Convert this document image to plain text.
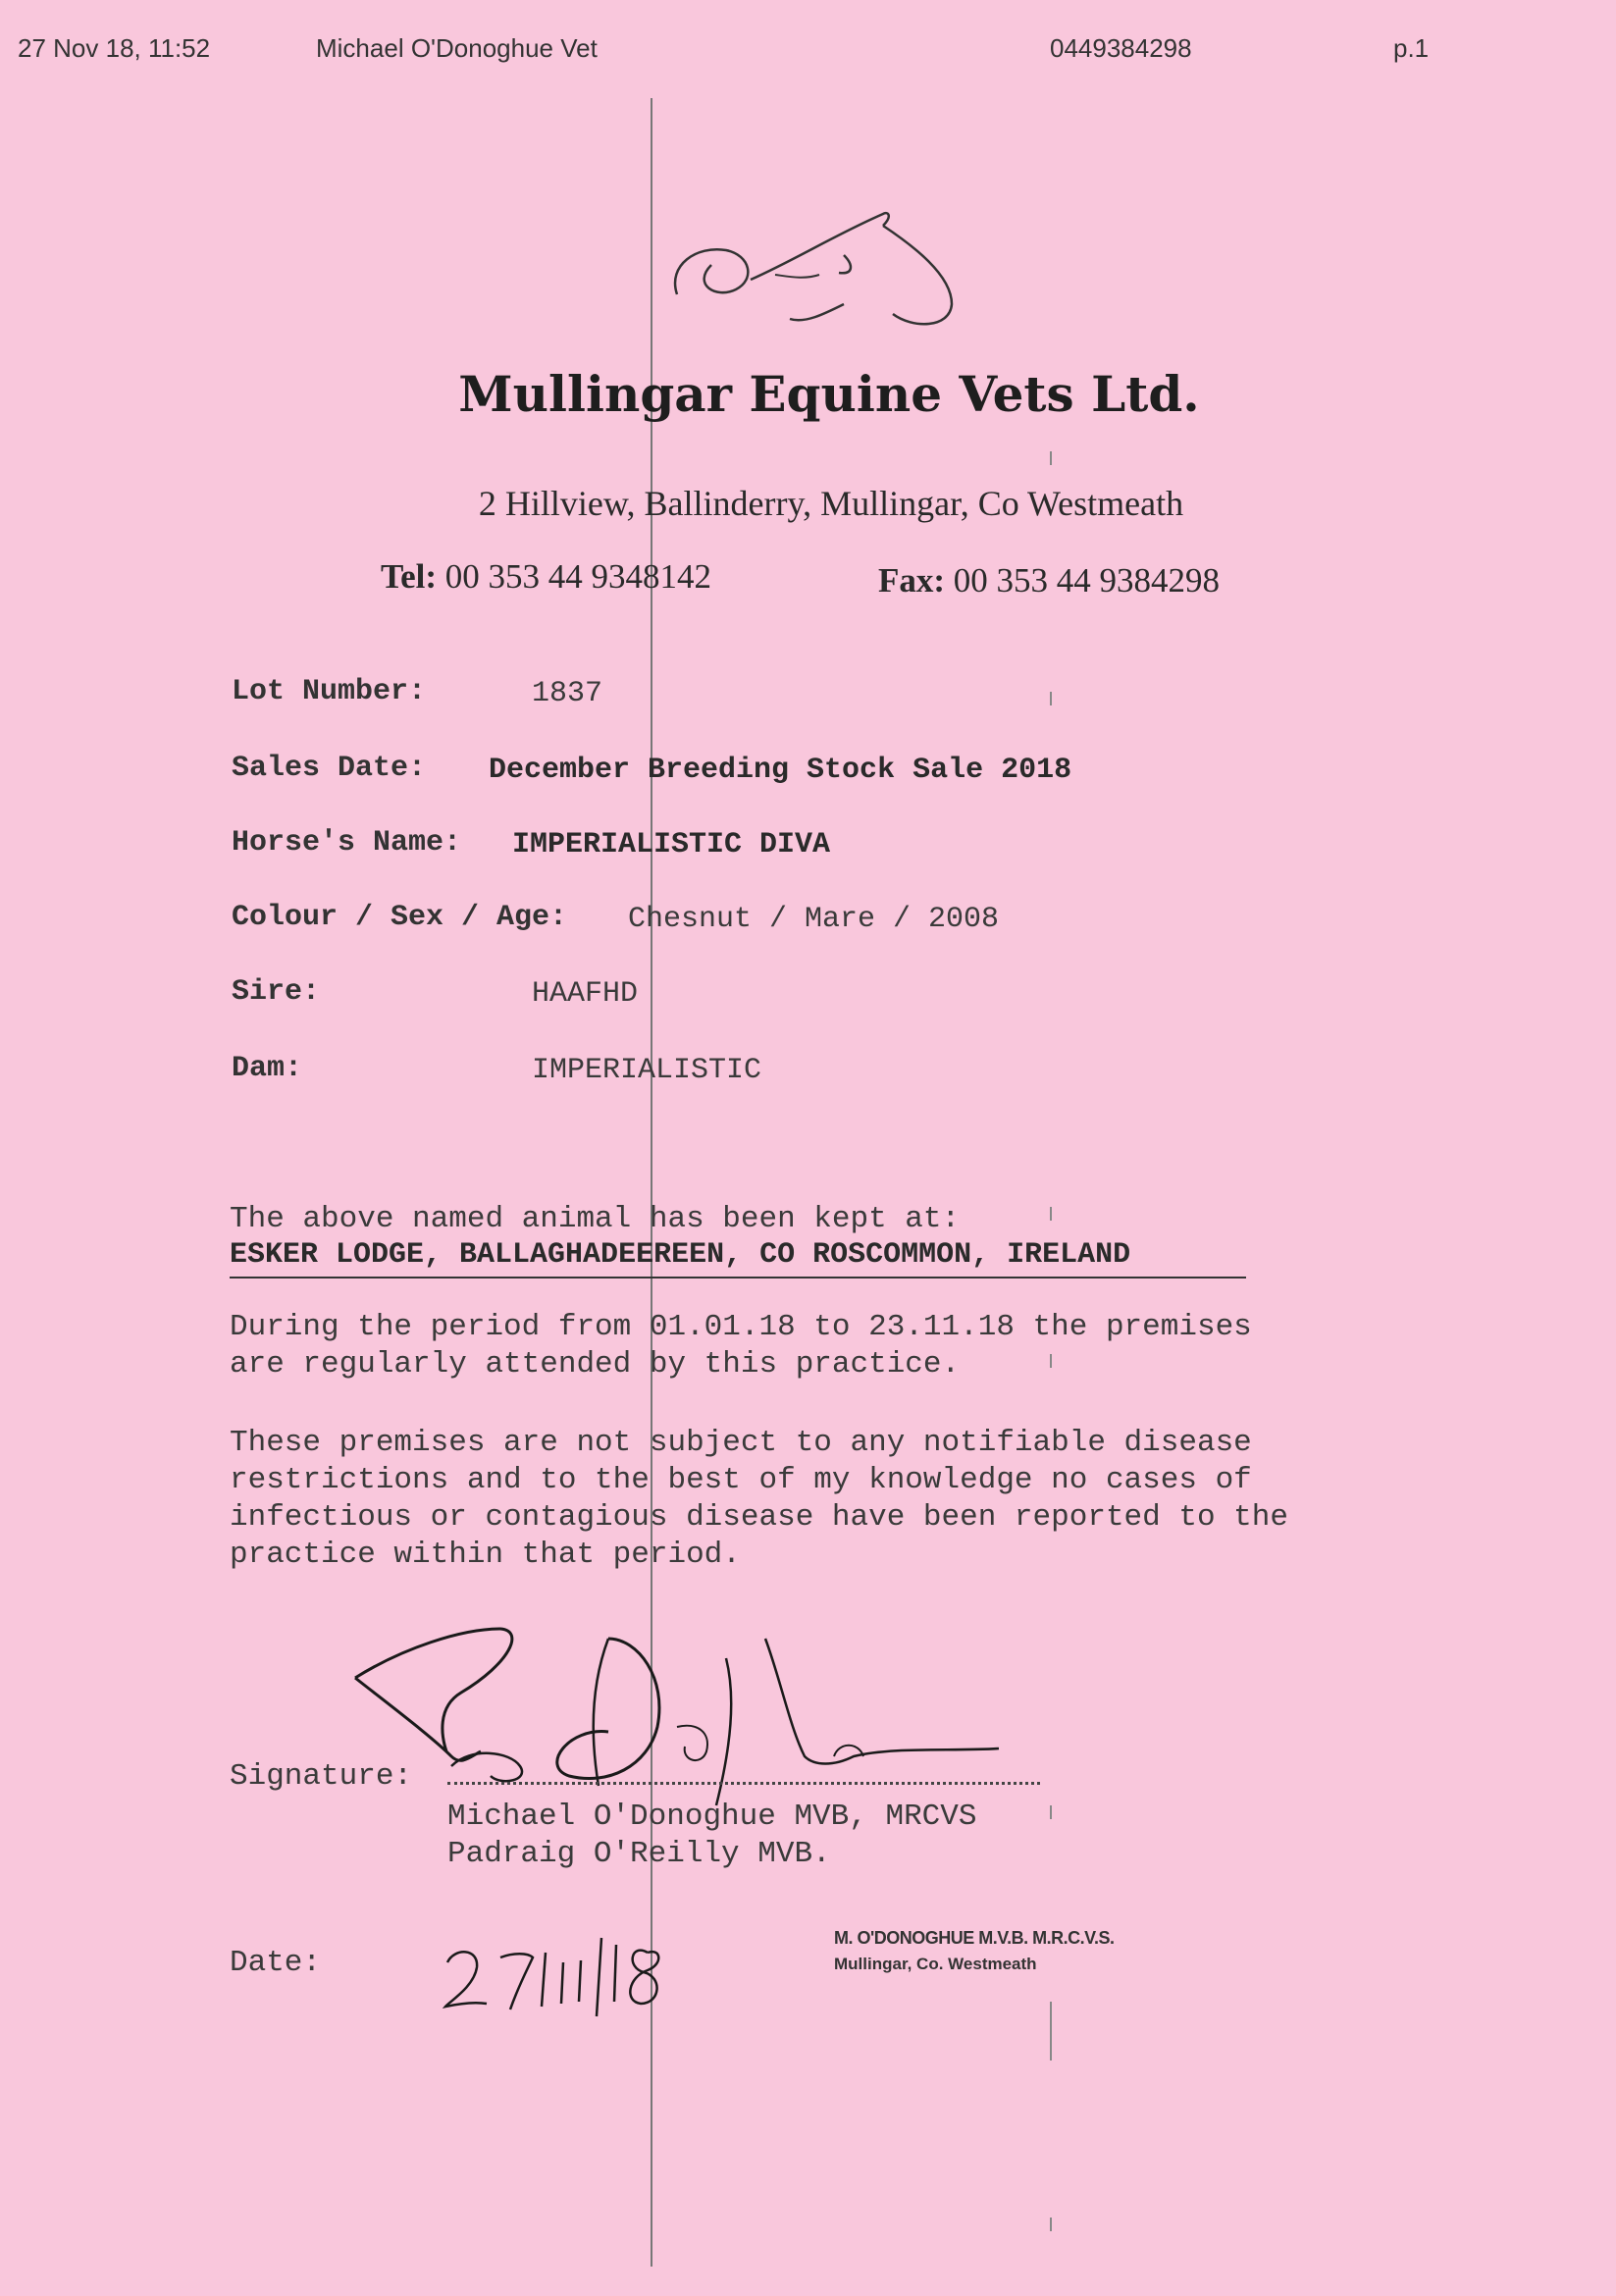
27 Nov 18, 11:52	Michael O'Donoghue Vet	0449384298	p.1
Mullingar Equine Vets Ltd.
2 Hillview, Ballinderry, Mullingar, Co Westmeath
Tel: 00 353 44 9348142	Fax: 00 353 44 9384298
Lot Number:	1837
Sales Date: December Breeding Stock Sale 2018
Horse's Name: IMPERIALISTIC DIVA
Colour / Sex / Age: Chesnut / Mare / 2008
Sire:	HAAFHD
Dam:	IMPERIALISTIC
The above named animal has been kept at:
ESKER LODGE, BALLAGHADEEREEN, CO ROSCOMMON, IRELAND
During the period from 01.01.18 to 23.11.18 the premises
are regularly attended by this practice.
These premises are not subject to any notifiable disease
restrictions and to the best of my knowledge no cases of
infectious or contagious disease have been reported to the
practice within that period.
Signature:
Michael O'Donoghue MVB, MRCVS
Padraig O'Reilly MVB.
Date:
M. O'DONOGHUE M.V.B. M.R.C.V.S.
Mullingar, Co. Westmeath
